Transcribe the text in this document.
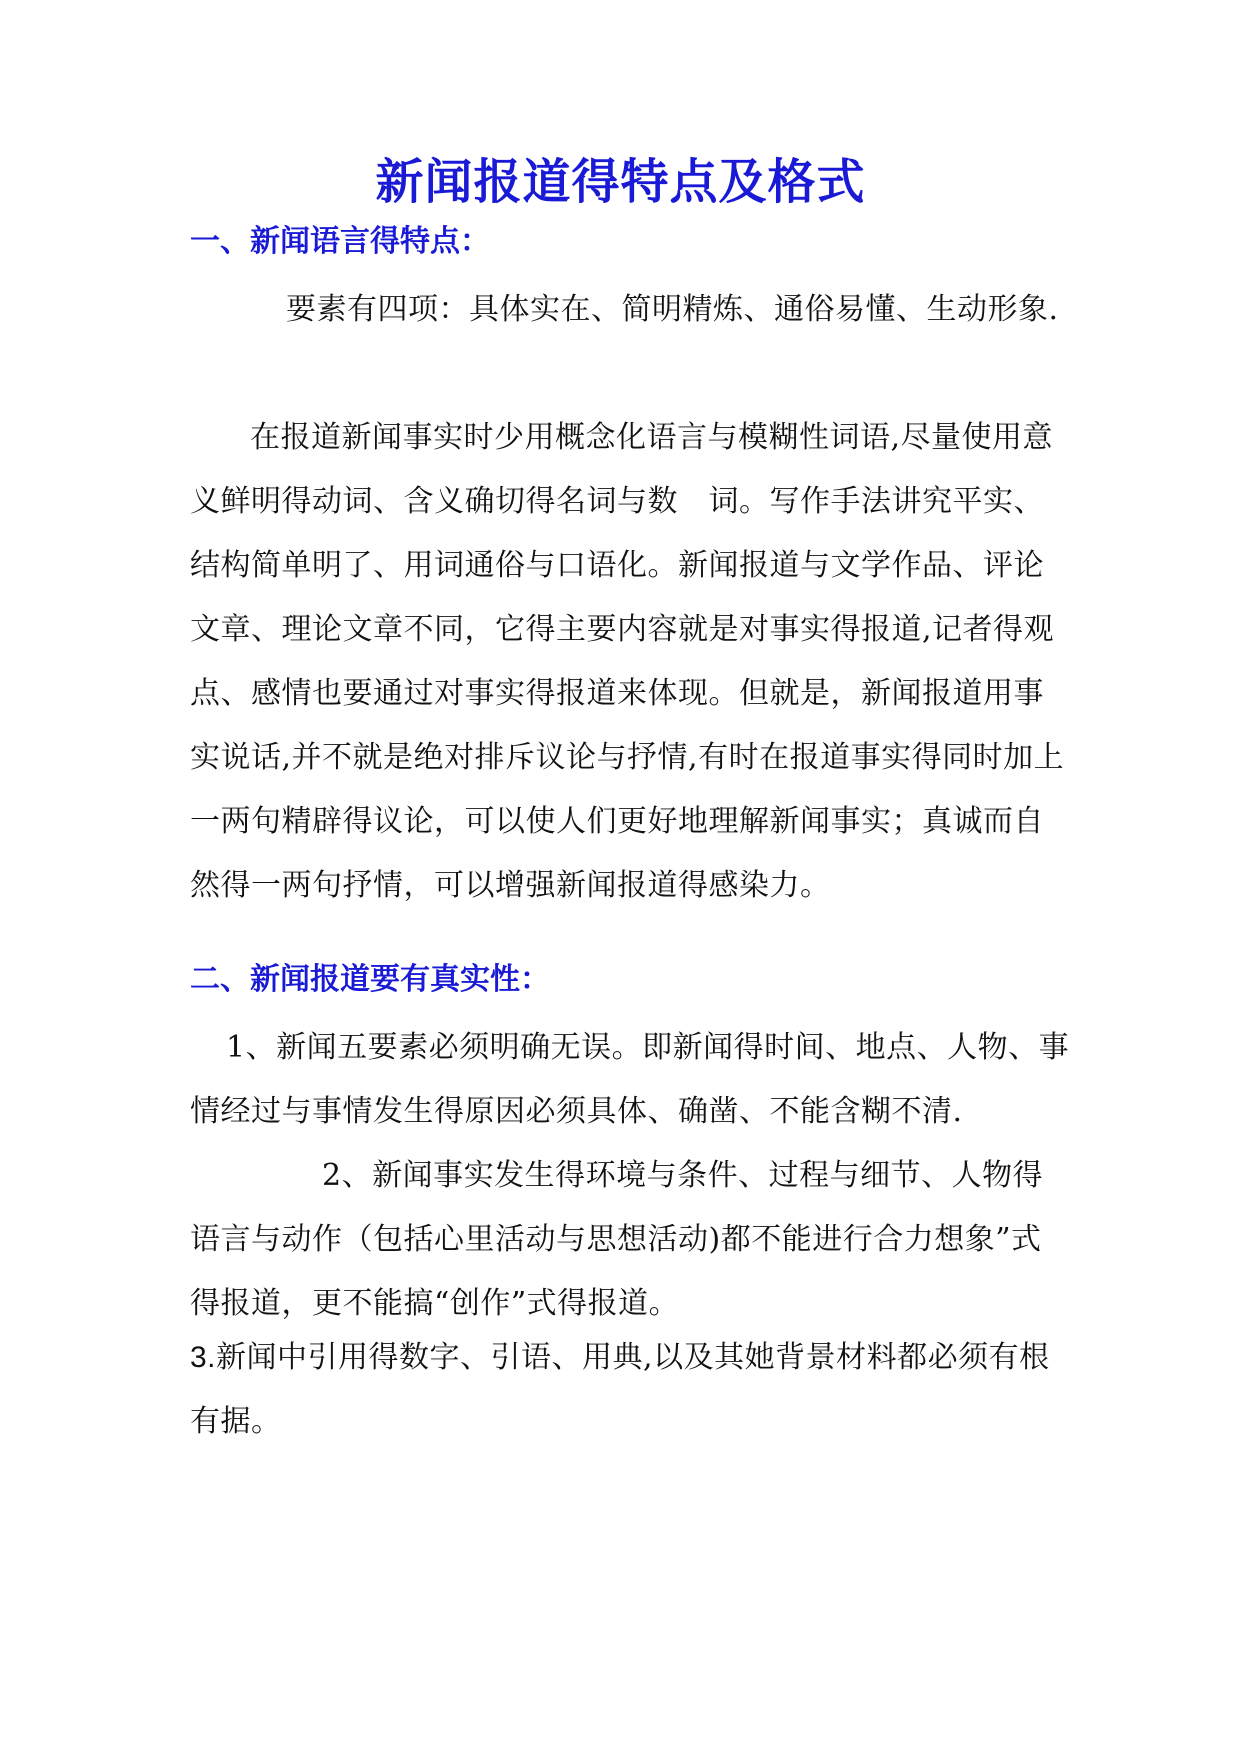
新闻报道得特点及格式
一、新闻语言得特点：

要素有四项：具体实在、简明精炼、通俗易懂、生动形象.

在报道新闻事实时少用概念化语言与模糊性词语,尽量使用意义鲜明得动词、含义确切得名词与数　词。写作手法讲究平实、结构简单明了、用词通俗与口语化。新闻报道与文学作品、评论文章、理论文章不同，它得主要内容就是对事实得报道,记者得观点、感情也要通过对事实得报道来体现。但就是，新闻报道用事实说话,并不就是绝对排斥议论与抒情,有时在报道事实得同时加上一两句精辟得议论，可以使人们更好地理解新闻事实；真诚而自然得一两句抒情，可以增强新闻报道得感染力。

二、新闻报道要有真实性：

1、新闻五要素必须明确无误。即新闻得时间、地点、人物、事情经过与事情发生得原因必须具体、确凿、不能含糊不清.2、新闻事实发生得环境与条件、过程与细节、人物得语言与动作（包括心里活动与思想活动)都不能进行合力想象”式得报道，更不能搞“创作”式得报道。

3.新闻中引用得数字、引语、用典,以及其她背景材料都必须有根有据。
